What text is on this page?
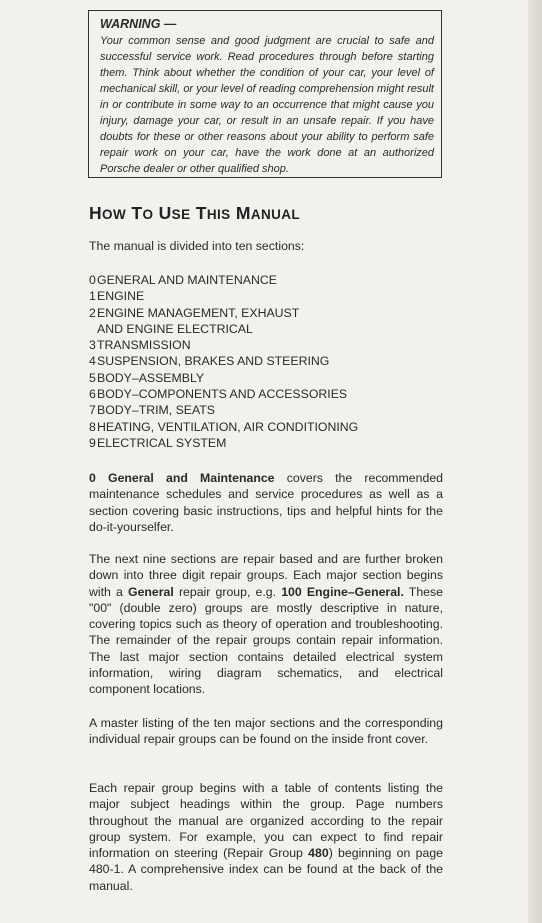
WARNING —
Your common sense and good judgment are crucial to safe and successful service work. Read procedures through before starting them. Think about whether the condition of your car, your level of mechanical skill, or your level of reading comprehension might result in or contribute in some way to an occurrence that might cause you injury, damage your car, or result in an unsafe repair. If you have doubts for these or other reasons about your ability to perform safe repair work on your car, have the work done at an authorized Porsche dealer or other qualified shop.
HOW TO USE THIS MANUAL
The manual is divided into ten sections:
0GENERAL AND MAINTENANCE
1ENGINE
2ENGINE MANAGEMENT, EXHAUST
AND ENGINE ELECTRICAL
3TRANSMISSION
4SUSPENSION, BRAKES AND STEERING
5BODY–ASSEMBLY
6BODY–COMPONENTS AND ACCESSORIES
7BODY–TRIM, SEATS
8HEATING, VENTILATION, AIR CONDITIONING
9ELECTRICAL SYSTEM
0 General and Maintenance covers the recommended maintenance schedules and service procedures as well as a section covering basic instructions, tips and helpful hints for the do-it-yourselfer.
The next nine sections are repair based and are further broken down into three digit repair groups. Each major section begins with a General repair group, e.g. 100 Engine–General. These "00" (double zero) groups are mostly descriptive in nature, covering topics such as theory of operation and troubleshooting. The remainder of the repair groups contain repair information. The last major section contains detailed electrical system information, wiring diagram schematics, and electrical component locations.
A master listing of the ten major sections and the corresponding individual repair groups can be found on the inside front cover.
Each repair group begins with a table of contents listing the major subject headings within the group. Page numbers throughout the manual are organized according to the repair group system. For example, you can expect to find repair information on steering (Repair Group 480) beginning on page 480-1. A comprehensive index can be found at the back of the manual.
